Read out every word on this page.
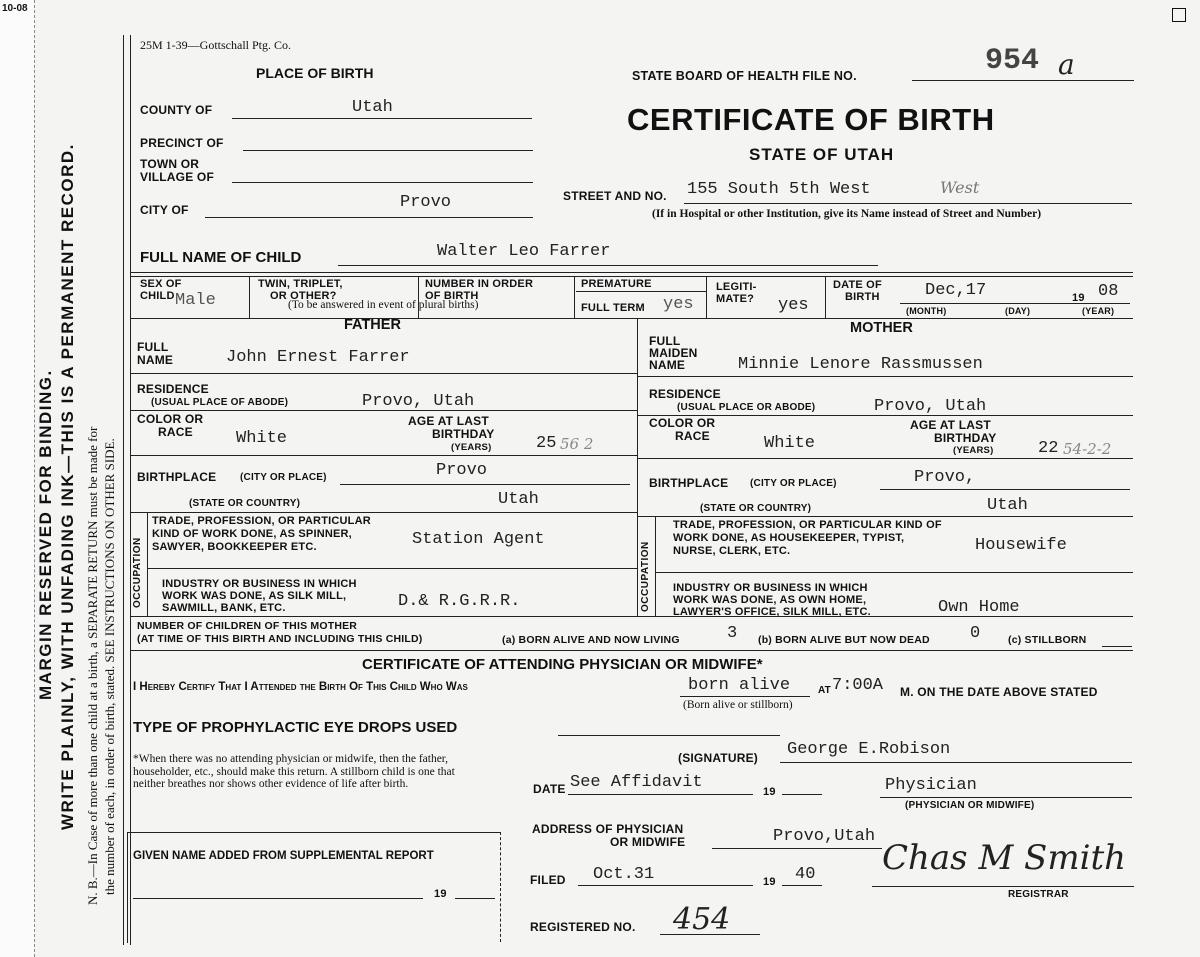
10-08
MARGIN RESERVED FOR BINDING. WRITE PLAINLY, WITH UNFADING INK—THIS IS A PERMANENT RECORD. N. B.—In Case of more than one child at a birth, a SEPARATE RETURN must be made for the number of each, in order of birth, stated. SEE INSTRUCTIONS ON OTHER SIDE.
25M 1-39—Gottschall Ptg. Co.
PLACE OF BIRTH
COUNTY OF	Utah
PRECINCT OF
TOWN OR
VILLAGE OF
CITY OF	Provo
STATE BOARD OF HEALTH FILE NO.	954 a
CERTIFICATE OF BIRTH
STATE OF UTAH
STREET AND NO. 155 South 5th West	West
(If in Hospital or other Institution, give its Name instead of Street and Number)
FULL NAME OF CHILD	Walter Leo Farrer
SEX OF
CHILD Male
TWIN, TRIPLET,
OR OTHER?
(To be answered in event of plural births)
NUMBER IN ORDER
OF BIRTH
PREMATURE
FULL TERM yes
LEGITI-
MATE? yes
DATE OF
BIRTH	Dec,17	19 08
(MONTH)	(DAY)	(YEAR)
FATHER
FULL
NAME	John Ernest Farrer
RESIDENCE
(USUAL PLACE OF ABODE)	Provo, Utah
COLOR OR
RACE	White
AGE AT LAST
BIRTHDAY
(YEARS)	25 56 2
BIRTHPLACE (CITY OR PLACE)	Provo
(STATE OR COUNTRY)	Utah
OCCUPATION
TRADE, PROFESSION, OR PARTICULAR
KIND OF WORK DONE, AS SPINNER,
SAWYER, BOOKKEEPER ETC.	Station Agent
INDUSTRY OR BUSINESS IN WHICH
WORK WAS DONE, AS SILK MILL,
SAWMILL, BANK, ETC.	D.& R.G.R.R.
MOTHER
FULL
MAIDEN
NAME	Minnie Lenore Rassmussen
RESIDENCE
(USUAL PLACE OR ABODE)	Provo, Utah
COLOR OR
RACE	White
AGE AT LAST
BIRTHDAY
(YEARS)	22 54-2-2
BIRTHPLACE (CITY OR PLACE)	Provo,
(STATE OR COUNTRY)	Utah
OCCUPATION
TRADE, PROFESSION, OR PARTICULAR KIND OF
WORK DONE, AS HOUSEKEEPER, TYPIST,
NURSE, CLERK, ETC.	Housewife
INDUSTRY OR BUSINESS IN WHICH
WORK WAS DONE, AS OWN HOME,
LAWYER'S OFFICE, SILK MILL, ETC.	Own Home
NUMBER OF CHILDREN OF THIS MOTHER
(AT TIME OF THIS BIRTH AND INCLUDING THIS CHILD)	(a) BORN ALIVE AND NOW LIVING	3 (b) BORN ALIVE BUT NOW DEAD 0	(c) STILLBORN
CERTIFICATE OF ATTENDING PHYSICIAN OR MIDWIFE*
I Hereby Certify That I Attended the Birth Of This Child Who Was	born alive	AT 7:00A M. ON THE DATE ABOVE STATED
(Born alive or stillborn)
TYPE OF PROPHYLACTIC EYE DROPS USED
*When there was no attending physician or midwife, then the father, householder, etc., should make this return. A stillborn child is one that neither breathes nor shows other evidence of life after birth.
(SIGNATURE) George E.Robison
DATE See Affidavit	19	Physician
(PHYSICIAN OR MIDWIFE)
ADDRESS OF PHYSICIAN
OR MIDWIFE	Provo,Utah
GIVEN NAME ADDED FROM SUPPLEMENTAL REPORT
19
FILED Oct.31	19 40 Chas M Smith
REGISTRAR
REGISTERED NO. 454
